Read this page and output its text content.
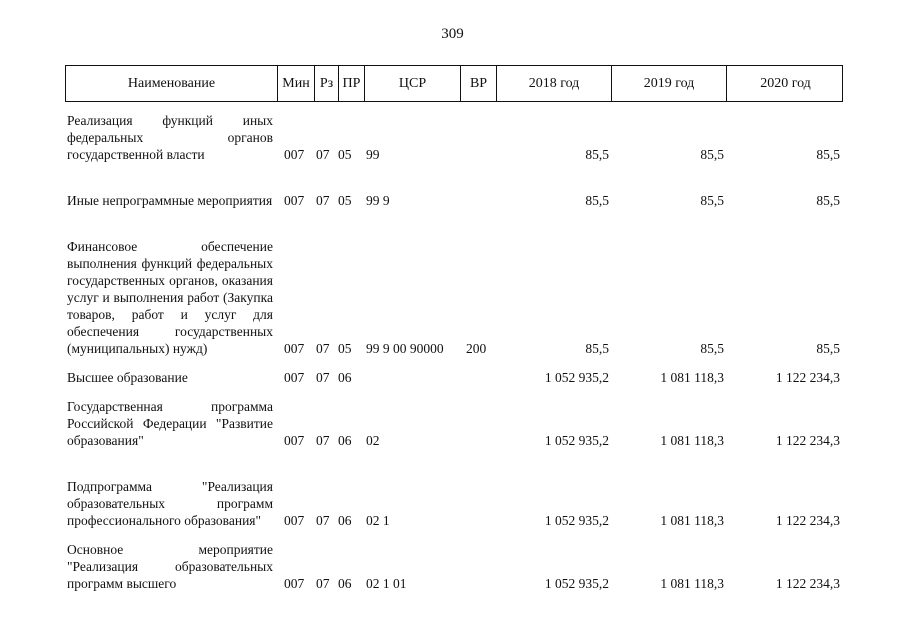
309
Наименование	Мин Рз ПР	ЦСР	ВР	2018 год	2019 год	2020 год
Реализация функций иных федеральных органов государственной власти	007 07 05	99	85,5	85,5	85,5
Иные непрограммные мероприятия 007 07 05	99 9	85,5	85,5	85,5
Финансовое обеспечение выполнения функций федеральных государственных органов, оказания услуг и выполнения работ (Закупка товаров, работ и услуг для обеспечения государственных (муниципальных) нужд)	007 07 05	99 9 00 90000	200	85,5	85,5	85,5
Высшее образование	007 07 06	1 052 935,2	1 081 118,3	1 122 234,3
Государственная программа Российской Федерации "Развитие образования"	007 07 06	02	1 052 935,2	1 081 118,3	1 122 234,3
Подпрограмма "Реализация образовательных программ профессионального образования"	007 07 06	02 1	1 052 935,2	1 081 118,3	1 122 234,3
Основное мероприятие "Реализация образовательных программ высшего	007 07 06	02 1 01	1 052 935,2	1 081 118,3	1 122 234,3
